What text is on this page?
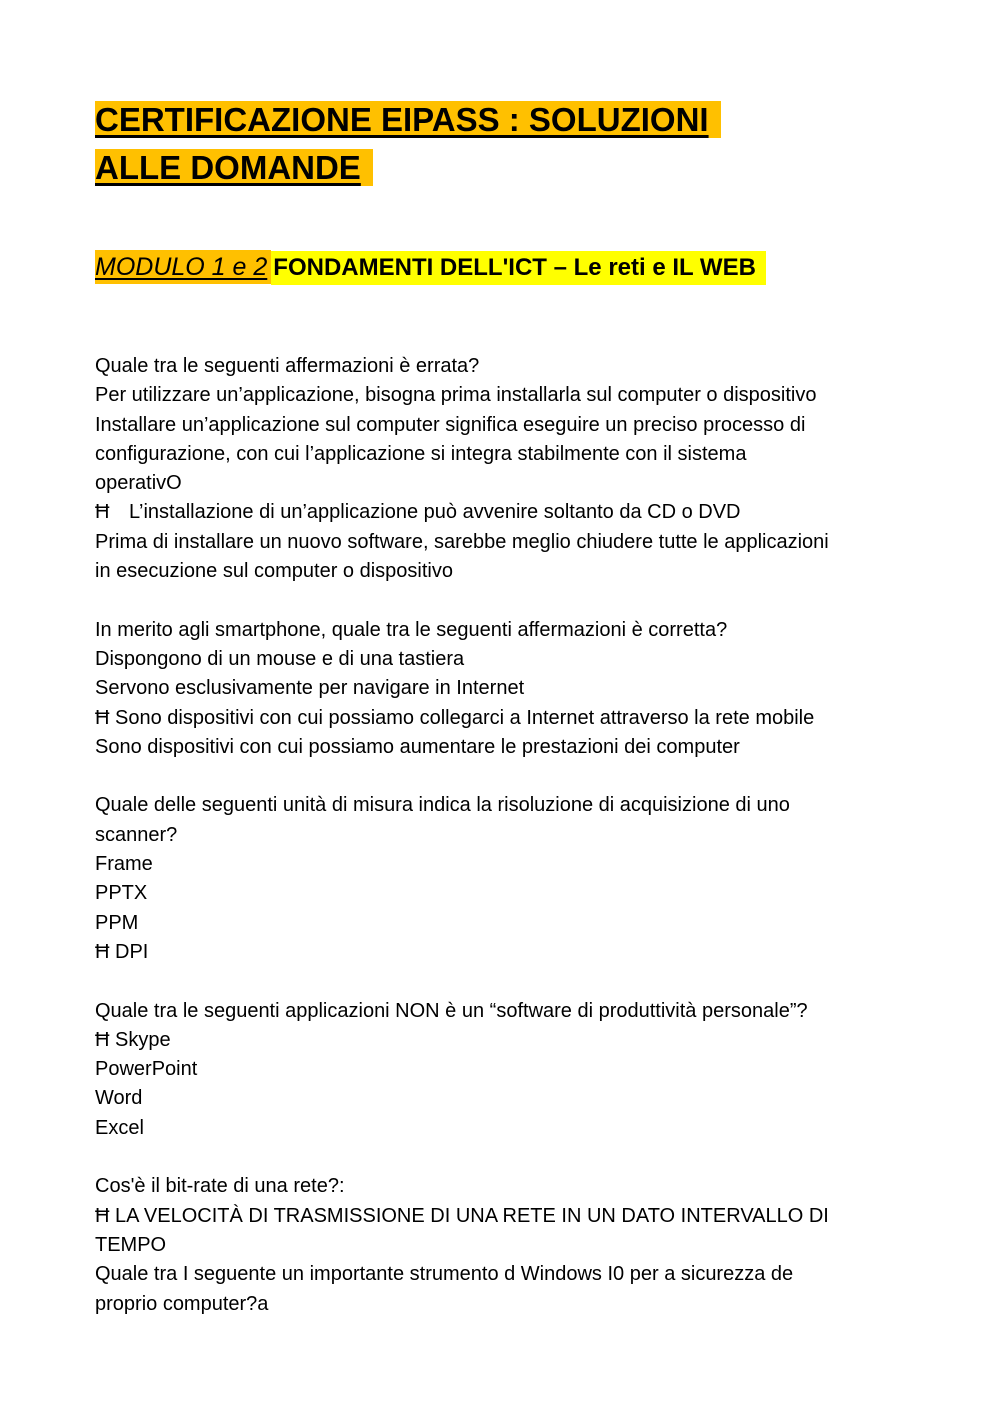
CERTIFICAZIONE EIPASS : SOLUZIONI
ALLE DOMANDE
MODULO 1 e 2FONDAMENTI DELL'ICT – Le reti e IL WEB
Quale tra le seguenti affermazioni è errata?
Per utilizzare un’applicazione, bisogna prima installarla sul computer o dispositivo
Installare un’applicazione sul computer significa eseguire un preciso processo di
configurazione, con cui l’applicazione si integra stabilmente con il sistema
operativO
Ħ L’installazione di un’applicazione può avvenire soltanto da CD o DVD
Prima di installare un nuovo software, sarebbe meglio chiudere tutte le applicazioni
in esecuzione sul computer o dispositivo
In merito agli smartphone, quale tra le seguenti affermazioni è corretta?
Dispongono di un mouse e di una tastiera
Servono esclusivamente per navigare in Internet
Ħ Sono dispositivi con cui possiamo collegarci a Internet attraverso la rete mobile
Sono dispositivi con cui possiamo aumentare le prestazioni dei computer
Quale delle seguenti unità di misura indica la risoluzione di acquisizione di uno
scanner?
Frame
PPTX
PPM
Ħ DPI
Quale tra le seguenti applicazioni NON è un “software di produttività personale”?
Ħ Skype
PowerPoint
Word
Excel
Cos'è il bit-rate di una rete?:
Ħ LA VELOCITÀ DI TRASMISSIONE DI UNA RETE IN UN DATO INTERVALLO DI
TEMPO
Quale tra I seguente un importante strumento d Windows I0 per a sicurezza de
proprio computer?a
